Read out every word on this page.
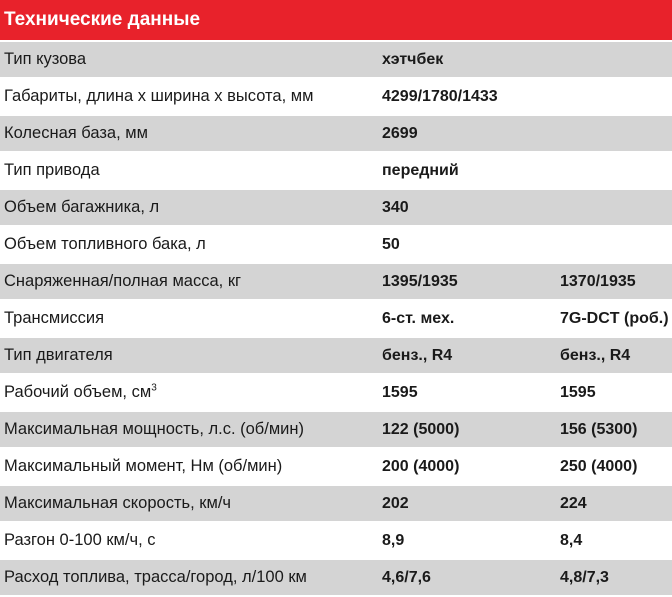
Технические данные
Тип кузова	хэтчбек
Габариты, длина х ширина х высота, мм	4299/1780/1433
Колесная база, мм	2699
Тип привода	передний
Объем багажника, л	340
Объем топливного бака, л	50
Снаряженная/полная масса, кг	1395/1935	1370/1935
Трансмиссия	6-ст. мех.	7G-DCT (роб.)
Тип двигателя	бенз., R4	бенз., R4
Рабочий объем, $см^3$	1595	1595
Максимальная мощность, л.с. (об/мин)	122 (5000)	156 (5300)
Максимальный момент, Нм (об/мин)	200 (4000)	250 (4000)
Максимальная скорость, км/ч	202	224
Разгон 0-100 км/ч, с	8,9	8,4
Расход топлива, трасса/город, л/100 км	4,6/7,6	4,8/7,3
